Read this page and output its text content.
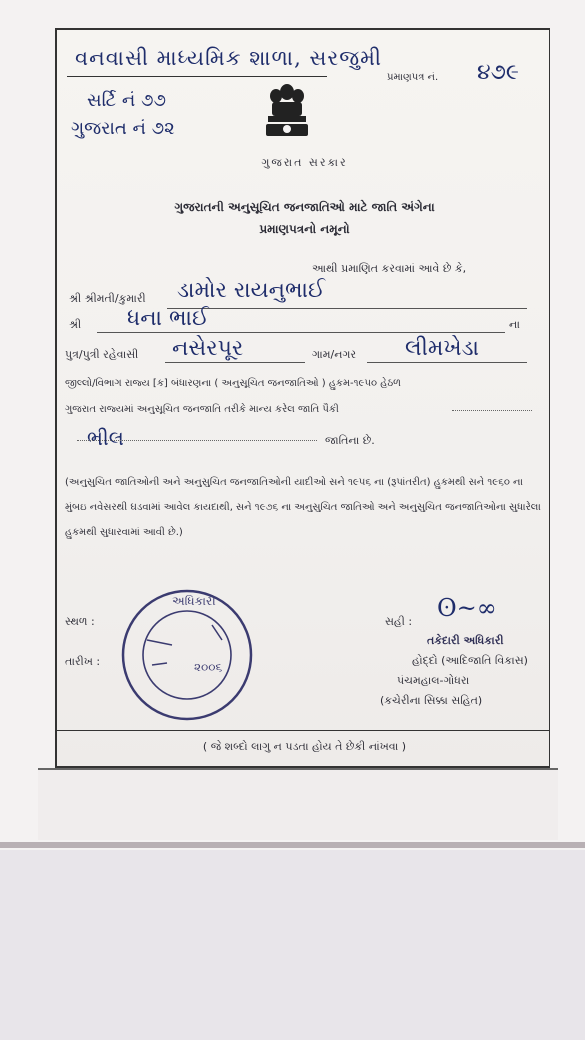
વનવાસી માધ્યમિક શાળા, સરજુમી
પ્રમાણપત્ર નં. ૪૭૯
સર્ટિ નં ૭૭
ગુજરાત નં ૭૨
ગુજરાત સરકાર
ગુજરાતની અનુસૂચિત જનજાતિઓ માટે જાતિ અંગેના
પ્રમાણપત્રનો નમૂનો
આથી પ્રમાણિત કરવામાં આવે છે કે,
શ્રી શ્રીમતી/કુમારી ડામોર રાયનુભાઈ
શ્રી ધના ભાઈ	ના
પુત્ર/પુત્રી રહેવાસી નસેરપૂર	ગામ/નગર લીમખેડા
જીલ્લો/વિભાગ રાજ્ય [ક] બંધારણના ( અનુસૂચિત જનજાતિઓ ) હુકમ-૧૯૫૦ હેઠળ
ગુજરાત રાજ્યમાં અનુસૂચિત જનજાતિ તરીકે માન્ય કરેલ જાતિ પૈકી
ભીલ	જાતિના છે.
(અનુસુચિત જાતિઓની અને અનુસુચિત જનજાતિઓની યાદીઓ સને ૧૯૫૬ ના (રૂપાંતરીત) હુકમથી સને ૧૯૬૦ ના મુંબઇ નવેસરથી ઘડવામાં આવેલ કાયદાથી, સને ૧૯૭૬ ના અનુસુચિત જાતિઓ અને અનુસુચિત જનજાતિઓના સુધારેલા હુકમથી સુધારવામાં આવી છે.)
સ્થળ :
તારીખ :
અધિકારી
૨૦૦૬
સહી : ʘ~∞
તકેદારી અધિકારી
હોદ્દો (આદિજાતિ વિકાસ)
પંચમહાલ-ગોધરા
(કચેરીના સિક્કા સહિત)
( જે શબ્દો લાગુ ન પડતા હોય તે છેકી નાંખવા )
